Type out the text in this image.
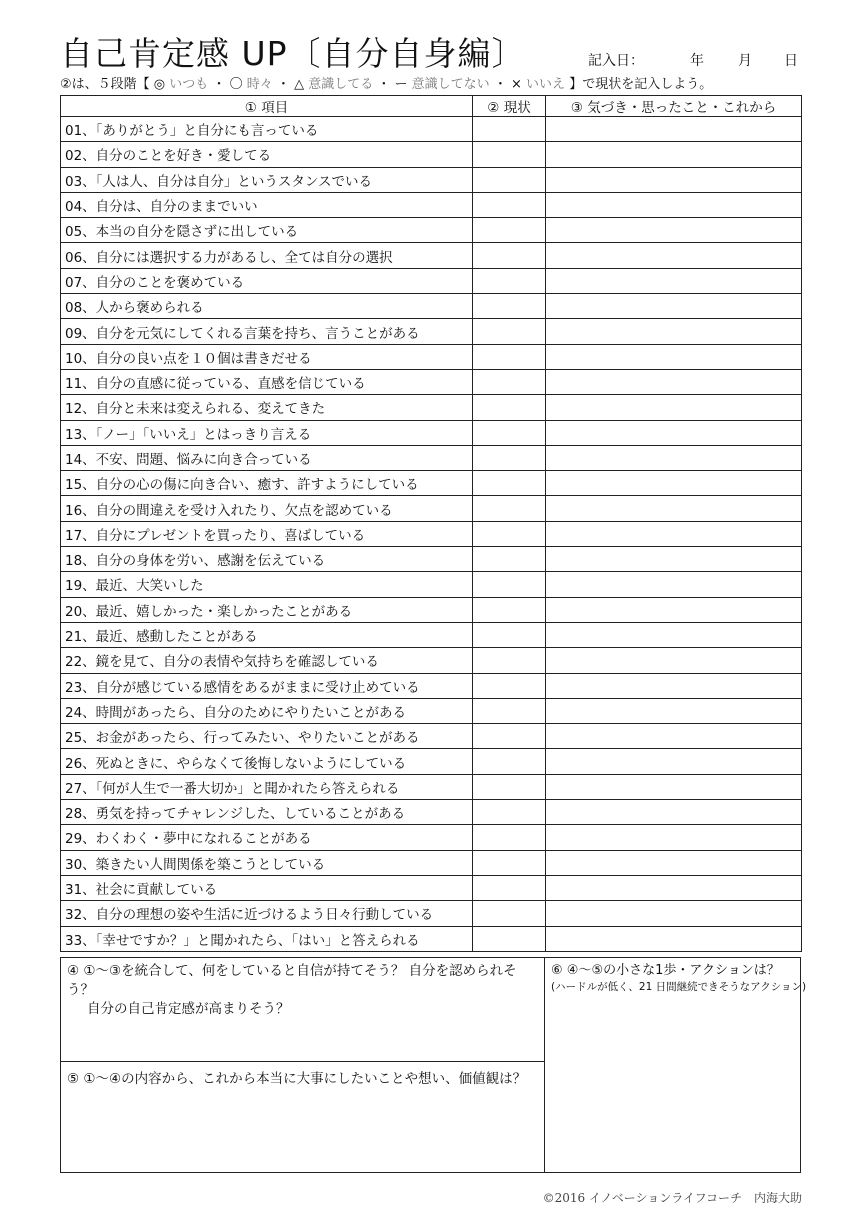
自己肯定感 UP〔自分自身編〕	記入日：	年 月 日
②は、５段階【 ◎ いつも ・ 〇 時々 ・ △ 意識してる ・ ー 意識してない ・ × いいえ 】で現状を記入しよう。
① 項目	② 現状	③ 気づき・思ったこと・これから
01、「ありがとう」と自分にも言っている		
02、自分のことを好き・愛してる		
03、「人は人、自分は自分」というスタンスでいる		
04、自分は、自分のままでいい		
05、本当の自分を隠さずに出している		
06、自分には選択する力があるし、全ては自分の選択		
07、自分のことを褒めている		
08、人から褒められる		
09、自分を元気にしてくれる言葉を持ち、言うことがある		
10、自分の良い点を１０個は書きだせる		
11、自分の直感に従っている、直感を信じている		
12、自分と未来は変えられる、変えてきた		
13、「ノー」「いいえ」とはっきり言える		
14、不安、問題、悩みに向き合っている		
15、自分の心の傷に向き合い、癒す、許すようにしている		
16、自分の間違えを受け入れたり、欠点を認めている		
17、自分にプレゼントを買ったり、喜ばしている		
18、自分の身体を労い、感謝を伝えている		
19、最近、大笑いした		
20、最近、嬉しかった・楽しかったことがある		
21、最近、感動したことがある		
22、鏡を見て、自分の表情や気持ちを確認している		
23、自分が感じている感情をあるがままに受け止めている		
24、時間があったら、自分のためにやりたいことがある		
25、お金があったら、行ってみたい、やりたいことがある		
26、死ぬときに、やらなくて後悔しないようにしている		
27、「何が人生で一番大切か」と聞かれたら答えられる		
28、勇気を持ってチャレンジした、していることがある		
29、わくわく・夢中になれることがある		
30、築きたい人間関係を築こうとしている		
31、社会に貢献している		
32、自分の理想の姿や生活に近づけるよう日々行動している		
33、「幸せですか？」と聞かれたら、「はい」と答えられる		
④ ①～③を統合して、何をしていると自信が持てそう？ 自分を認められそう？
自分の自己肯定感が高まりそう？
⑤ ①～④の内容から、これから本当に大事にしたいことや想い、価値観は？
⑥ ④～⑤の小さな1歩・アクションは？
(ハードルが低く、21 日間継続できそうなアクション)
©2016 イノベーションライフコーチ　内海大助
